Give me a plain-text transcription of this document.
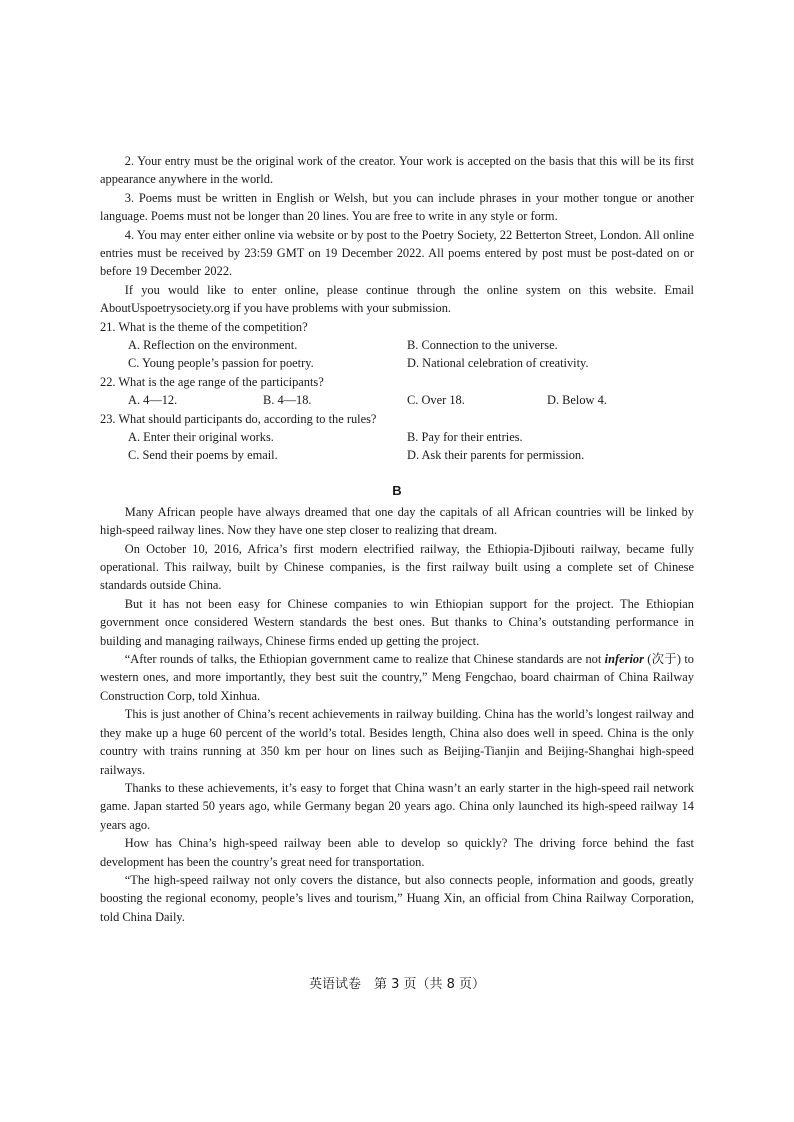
2. Your entry must be the original work of the creator. Your work is accepted on the basis that this will be its first appearance anywhere in the world.

3. Poems must be written in English or Welsh, but you can include phrases in your mother tongue or another language. Poems must not be longer than 20 lines. You are free to write in any style or form.

4. You may enter either online via website or by post to the Poetry Society, 22 Betterton Street, London. All online entries must be received by 23:59 GMT on 19 December 2022. All poems entered by post must be post-dated on or before 19 December 2022.

If you would like to enter online, please continue through the online system on this website. Email AboutUspoetrysociety.org if you have problems with your submission.

21. What is the theme of the competition?

A. Reflection on the environment.	B. Connection to the universe.
C. Young people’s passion for poetry.	D. National celebration of creativity.

22. What is the age range of the participants?

A. 4—12.	B. 4—18.	C. Over 18.	D. Below 4.

23. What should participants do, according to the rules?

A. Enter their original works.	B. Pay for their entries.
C. Send their poems by email.	D. Ask their parents for permission.
B

Many African people have always dreamed that one day the capitals of all African countries will be linked by high-speed railway lines. Now they have one step closer to realizing that dream.

On October 10, 2016, Africa’s first modern electrified railway, the Ethiopia-Djibouti railway, became fully operational. This railway, built by Chinese companies, is the first railway built using a complete set of Chinese standards outside China.

But it has not been easy for Chinese companies to win Ethiopian support for the project. The Ethiopian government once considered Western standards the best ones. But thanks to China’s outstanding performance in building and managing railways, Chinese firms ended up getting the project.

“After rounds of talks, the Ethiopian government came to realize that Chinese standards are not inferior (次于) to western ones, and more importantly, they best suit the country,” Meng Fengchao, board chairman of China Railway Construction Corp, told Xinhua.

This is just another of China’s recent achievements in railway building. China has the world’s longest railway and they make up a huge 60 percent of the world’s total. Besides length, China also does well in speed. China is the only country with trains running at 350 km per hour on lines such as Beijing-Tianjin and Beijing-Shanghai high-speed railways.

Thanks to these achievements, it’s easy to forget that China wasn’t an early starter in the high-speed rail network game. Japan started 50 years ago, while Germany began 20 years ago. China only launched its high-speed railway 14 years ago.

How has China’s high-speed railway been able to develop so quickly? The driving force behind the fast development has been the country’s great need for transportation.

“The high-speed railway not only covers the distance, but also connects people, information and goods, greatly boosting the regional economy, people’s lives and tourism,” Huang Xin, an official from China Railway Corporation, told China Daily.

英语试卷　第 3 页（共 8 页）
